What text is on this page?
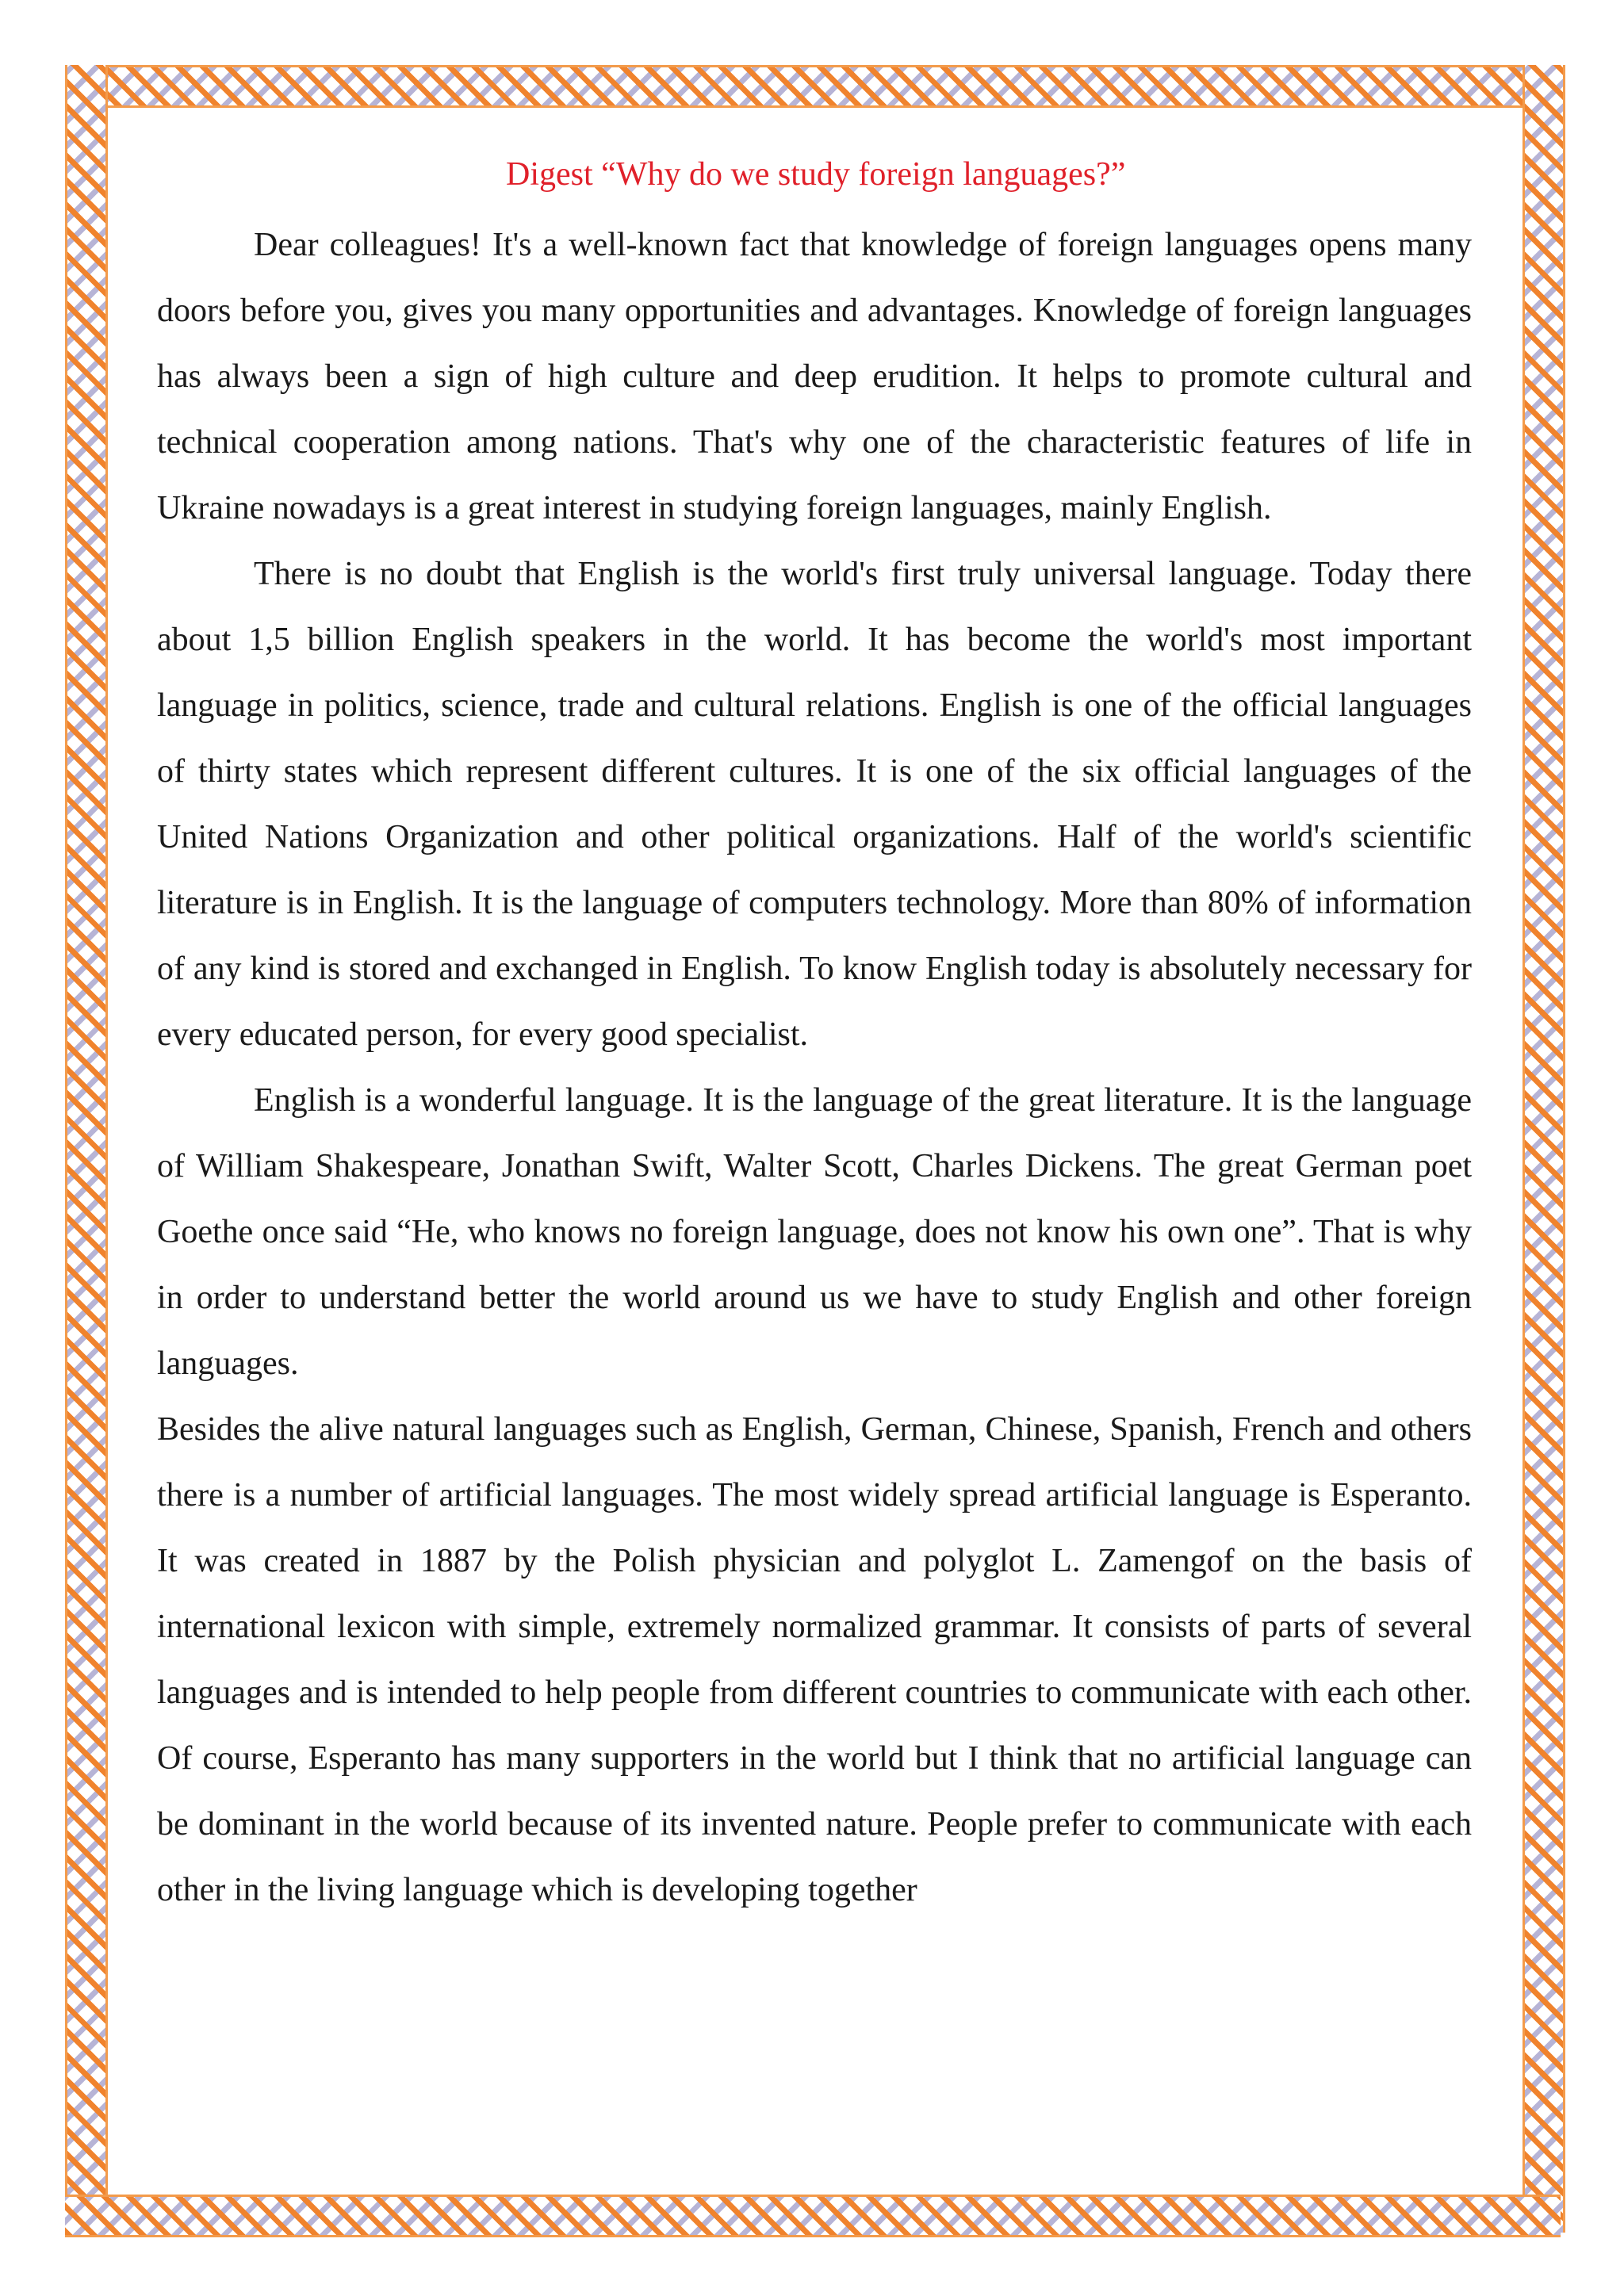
Digest “Why do we study foreign languages?”

Dear colleagues! It's a well-known fact that knowledge of foreign languages opens many doors before you, gives you many opportunities and advantages. Knowledge of foreign languages has always been a sign of high culture and deep erudition. It helps to promote cultural and technical cooperation among nations. That's why one of the characteristic features of life in Ukraine nowadays is a great interest in studying foreign languages, mainly English.

There is no doubt that English is the world's first truly universal language. Today there about 1,5 billion English speakers in the world. It has become the world's most important language in politics, science, trade and cultural relations. English is one of the official languages of thirty states which represent different cultures. It is one of the six official languages of the United Nations Organization and other political organizations. Half of the world's scientific literature is in English. It is the language of computers technology. More than 80% of information of any kind is stored and exchanged in English. To know English today is absolutely necessary for every educated person, for every good specialist.

English is a wonderful language. It is the language of the great literature. It is the language of William Shakespeare, Jonathan Swift, Walter Scott, Charles Dickens. The great German poet Goethe once said “He, who knows no foreign language, does not know his own one”. That is why in order to understand better the world around us we have to study English and other foreign languages.

Besides the alive natural languages such as English, German, Chinese, Spanish, French and others there is a number of artificial languages. The most widely spread artificial language is Esperanto. It was created in 1887 by the Polish physician and polyglot L. Zamengof on the basis of international lexicon with simple, extremely normalized grammar. It consists of parts of several languages and is intended to help people from different countries to communicate with each other. Of course, Esperanto has many supporters in the world but I think that no artificial language can be dominant in the world because of its invented nature. People prefer to communicate with each other in the living language which is developing together
